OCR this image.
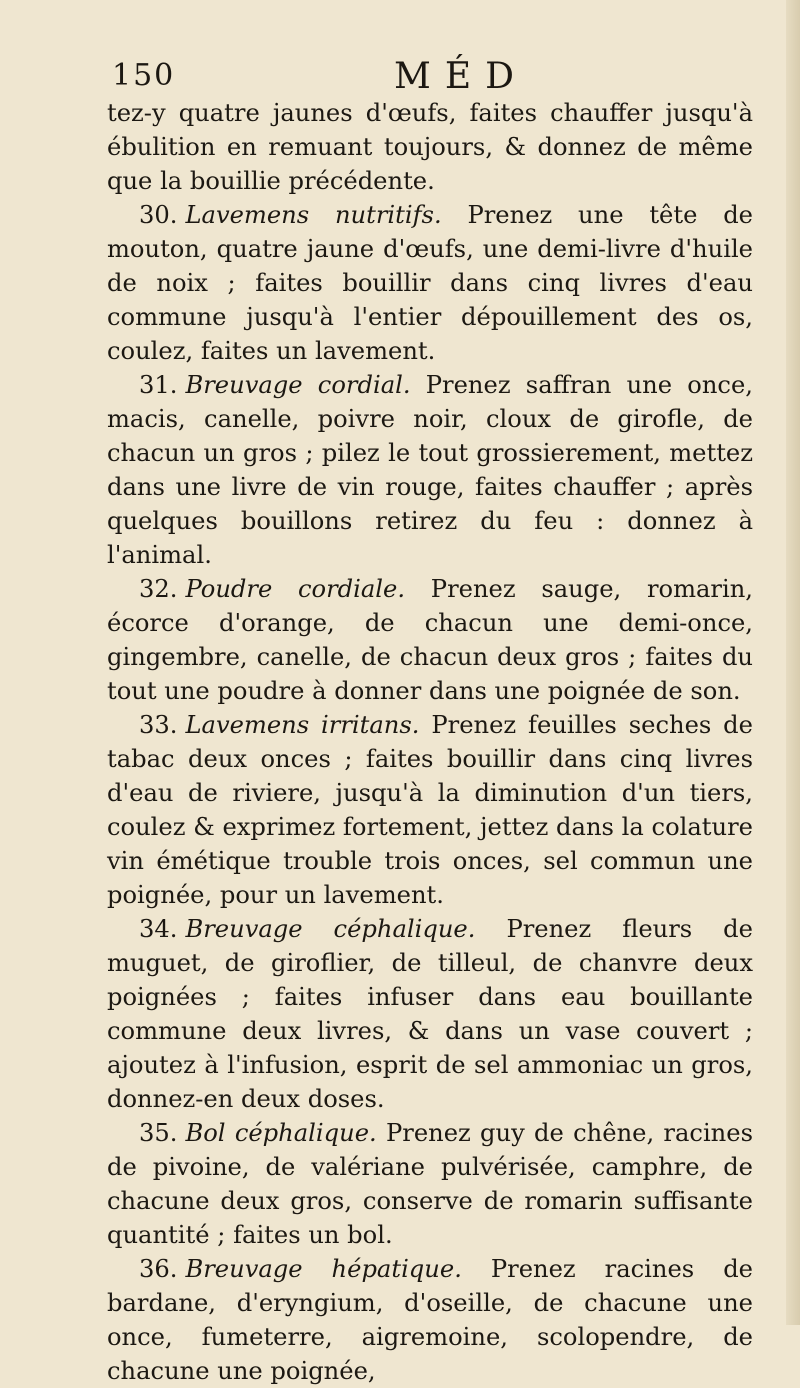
150	MÉD

tez-y quatre jaunes d'œufs, faites chauffer jusqu'à ébulition en remuant toujours, & donnez de même que la bouillie précédente.

30. Lavemens nutritifs. Prenez une tête de mouton, quatre jaune d'œufs, une demi-livre d'huile de noix ; faites bouillir dans cinq livres d'eau commune jusqu'à l'entier dépouillement des os, coulez, faites un lavement.

31. Breuvage cordial. Prenez saffran une once, macis, canelle, poivre noir, cloux de girofle, de chacun un gros ; pilez le tout grossierement, mettez dans une livre de vin rouge, faites chauffer ; après quelques bouillons retirez du feu : donnez à l'animal.

32. Poudre cordiale. Prenez sauge, romarin, écorce d'orange, de chacun une demi-once, gingembre, canelle, de chacun deux gros ; faites du tout une poudre à donner dans une poignée de son.

33. Lavemens irritans. Prenez feuilles seches de tabac deux onces ; faites bouillir dans cinq livres d'eau de riviere, jusqu'à la diminution d'un tiers, coulez & exprimez fortement, jettez dans la colature vin émétique trouble trois onces, sel commun une poignée, pour un lavement.

34. Breuvage céphalique. Prenez fleurs de muguet, de giroflier, de tilleul, de chanvre deux poignées ; faites infuser dans eau bouillante commune deux livres, & dans un vase couvert ; ajoutez à l'infusion, esprit de sel ammoniac un gros, donnez-en deux doses.

35. Bol céphalique. Prenez guy de chêne, racines de pivoine, de valériane pulvérisée, camphre, de chacune deux gros, conserve de romarin suffisante quantité ; faites un bol.

36. Breuvage hépatique. Prenez racines de bardane, d'eryngium, d'oseille, de chacune une once, fumeterre, aigremoine, scolopendre, de chacune une poignée,
